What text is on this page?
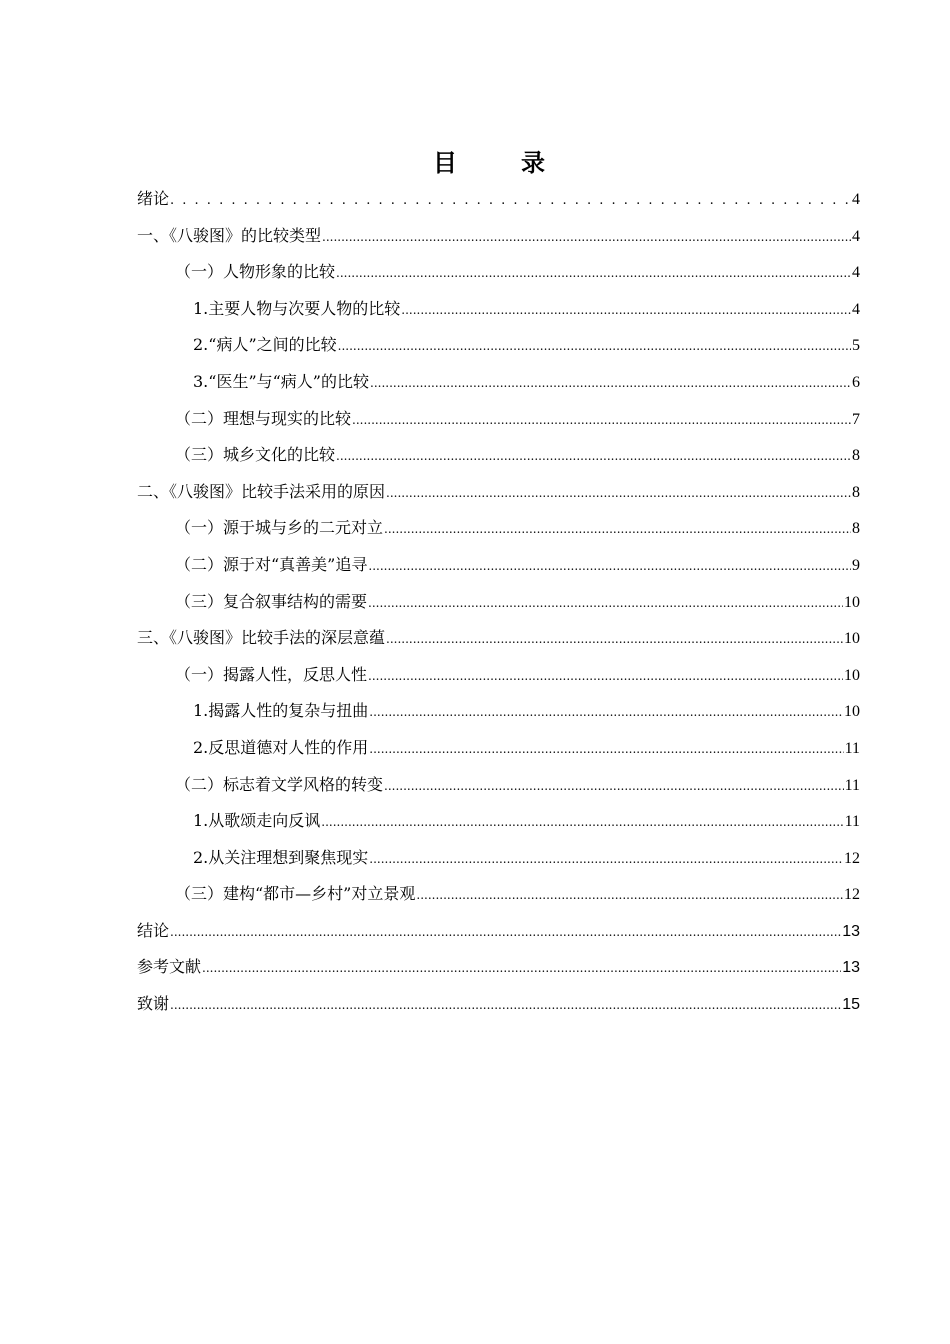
目　录
绪论 . . .	4
一、《八骏图》的比较类型 .....	4
（一）人物形象的比较 .....	4
1.主要人物与次要人物的比较 .....	4
2.“病人”之间的比较 .....	5
3.“医生”与“病人”的比较 .....	6
（二）理想与现实的比较 .....	7
（三）城乡文化的比较 .....	8
二、《八骏图》比较手法采用的原因 .....	8
（一）源于城与乡的二元对立 .....	8
（二）源于对“真善美”追寻 .....	9
（三）复合叙事结构的需要 .....	10
三、《八骏图》比较手法的深层意蕴 .....	10
（一）揭露人性，反思人性 .....	10
1.揭露人性的复杂与扭曲 .....	10
2.反思道德对人性的作用 .....	11
（二）标志着文学风格的转变 .....	11
1.从歌颂走向反讽 .....	11
2.从关注理想到聚焦现实 .....	12
（三）建构“都市—乡村”对立景观 .....	12
结论 .....	13
参考文献 .....	13
致谢 .....	15
